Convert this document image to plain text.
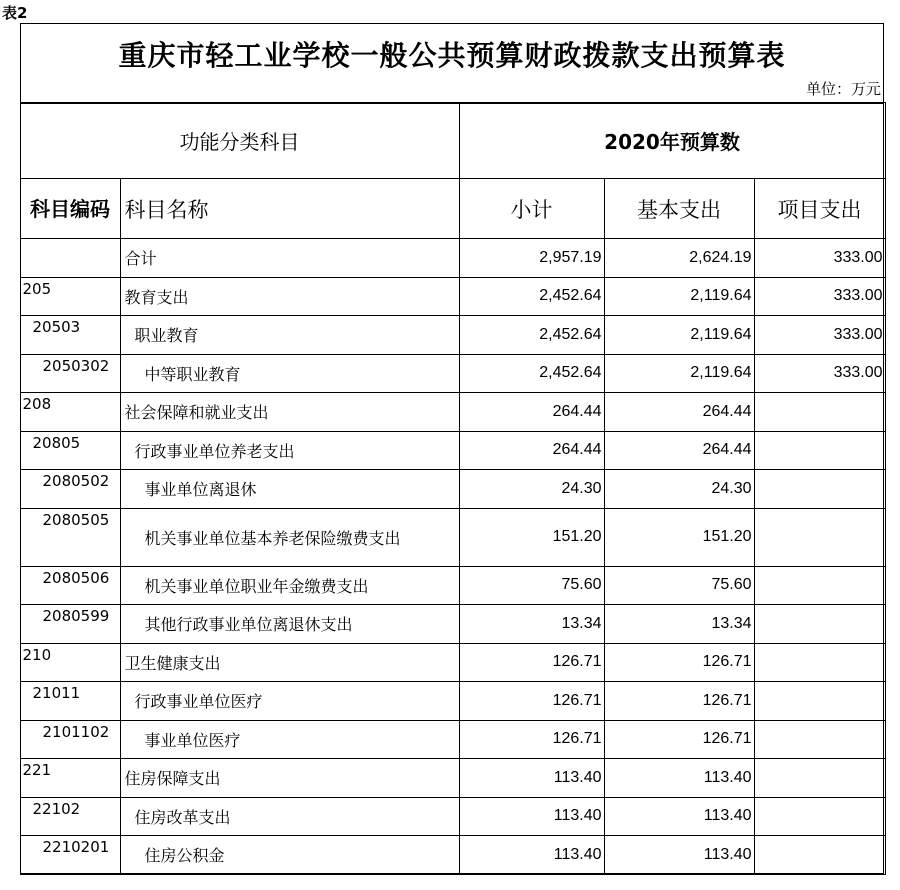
表2
重庆市轻工业学校一般公共预算财政拨款支出预算表
单位：万元
功能分类科目		2020年预算数		
科目编码	科目名称	小计	基本支出	项目支出
	合计	2,957.19	2,624.19	333.00
205	教育支出	2,452.64	2,119.64	333.00
20503	职业教育	2,452.64	2,119.64	333.00
2050302	中等职业教育	2,452.64	2,119.64	333.00
208	社会保障和就业支出	264.44	264.44	
20805	行政事业单位养老支出	264.44	264.44	
2080502	事业单位离退休	24.30	24.30	
2080505	机关事业单位基本养老保险缴费支出	151.20	151.20	
2080506	机关事业单位职业年金缴费支出	75.60	75.60	
2080599	其他行政事业单位离退休支出	13.34	13.34	
210	卫生健康支出	126.71	126.71	
21011	行政事业单位医疗	126.71	126.71	
2101102	事业单位医疗	126.71	126.71	
221	住房保障支出	113.40	113.40	
22102	住房改革支出	113.40	113.40	
2210201	住房公积金	113.40	113.40	
